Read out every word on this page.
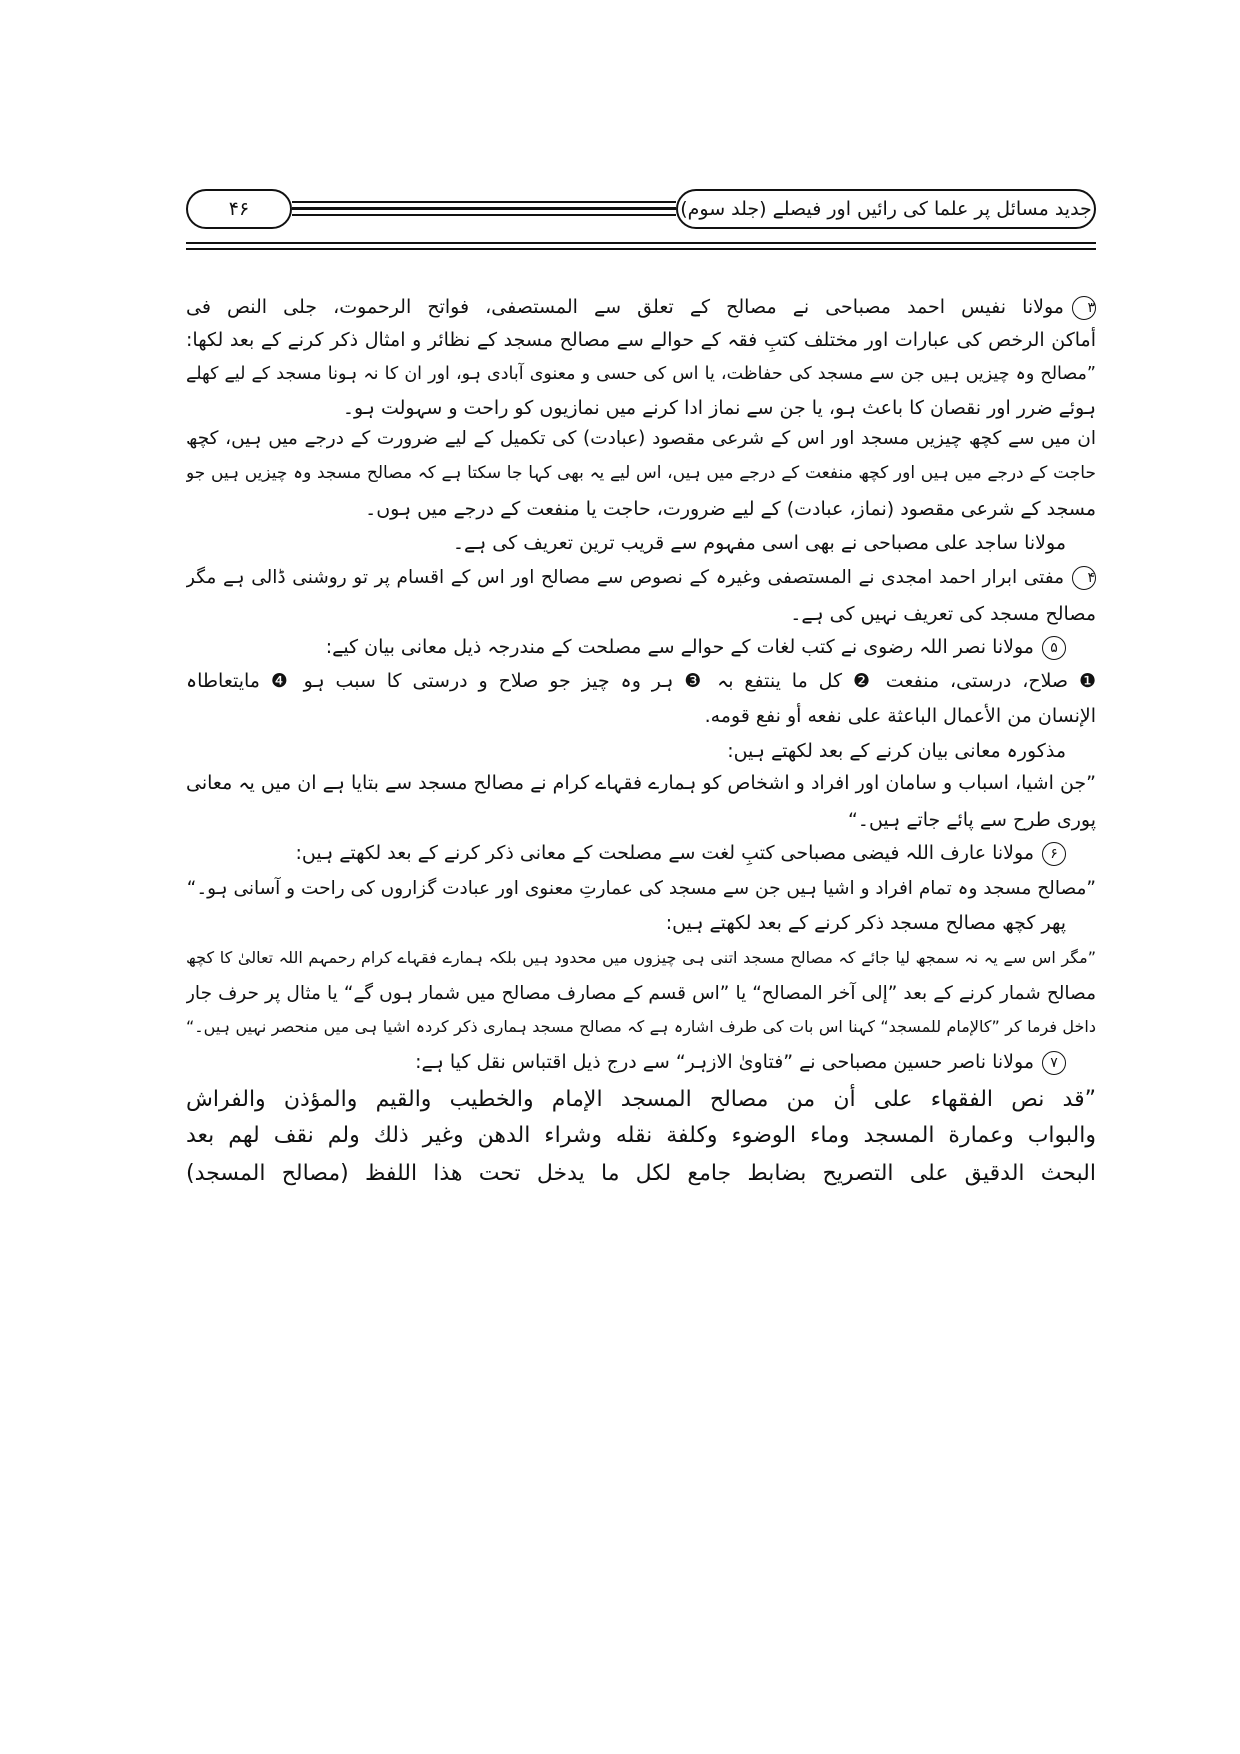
۴۶	جدید مسائل پر علما کی رائیں اور فیصلے (جلد سوم)
۳مولانا نفیس احمد مصباحی نے مصالح کے تعلق سے المستصفی، فواتح الرحموت، جلی النص فی
أماکن الرخص کی عبارات اور مختلف کتبِ فقہ کے حوالے سے مصالح مسجد کے نظائر و امثال ذکر کرنے کے بعد لکھا:
”مصالح وہ چیزیں ہیں جن سے مسجد کی حفاظت، یا اس کی حسی و معنوی آبادی ہو، اور ان کا نہ ہونا مسجد کے لیے کھلے
ہوئے ضرر اور نقصان کا باعث ہو، یا جن سے نماز ادا کرنے میں نمازیوں کو راحت و سہولت ہو۔
ان میں سے کچھ چیزیں مسجد اور اس کے شرعی مقصود (عبادت) کی تکمیل کے لیے ضرورت کے درجے میں ہیں، کچھ
حاجت کے درجے میں ہیں اور کچھ منفعت کے درجے میں ہیں، اس لیے یہ بھی کہا جا سکتا ہے کہ مصالح مسجد وہ چیزیں ہیں جو
مسجد کے شرعی مقصود (نماز، عبادت) کے لیے ضرورت، حاجت یا منفعت کے درجے میں ہوں۔
مولانا ساجد علی مصباحی نے بھی اسی مفہوم سے قریب ترین تعریف کی ہے۔
۴مفتی ابرار احمد امجدی نے المستصفی وغیرہ کے نصوص سے مصالح اور اس کے اقسام پر تو روشنی ڈالی ہے مگر
مصالح مسجد کی تعریف نہیں کی ہے۔
۵مولانا نصر اللہ رضوی نے کتب لغات کے حوالے سے مصلحت کے مندرجہ ذیل معانی بیان کیے:
❶ صلاح، درستی، منفعت ❷ کل ما ینتفع بہ ❸ ہر وہ چیز جو صلاح و درستی کا سبب ہو ❹ مایتعاطاہ
الإنسان من الأعمال الباعثة على نفعه أو نفع قومه.
مذکورہ معانی بیان کرنے کے بعد لکھتے ہیں:
”جن اشیا، اسباب و سامان اور افراد و اشخاص کو ہمارے فقہاے کرام نے مصالح مسجد سے بتایا ہے ان میں یہ معانی
پوری طرح سے پائے جاتے ہیں۔“
۶مولانا عارف اللہ فیضی مصباحی کتبِ لغت سے مصلحت کے معانی ذکر کرنے کے بعد لکھتے ہیں:
”مصالح مسجد وہ تمام افراد و اشیا ہیں جن سے مسجد کی عمارتِ معنوی اور عبادت گزاروں کی راحت و آسانی ہو۔“
پھر کچھ مصالح مسجد ذکر کرنے کے بعد لکھتے ہیں:
”مگر اس سے یہ نہ سمجھ لیا جائے کہ مصالح مسجد اتنی ہی چیزوں میں محدود ہیں بلکہ ہمارے فقہاے کرام رحمہم اللہ تعالیٰ کا کچھ
مصالح شمار کرنے کے بعد ”إلى آخر المصالح“ یا ”اس قسم کے مصارف مصالح میں شمار ہوں گے“ یا مثال پر حرف جار
داخل فرما کر ”کالإمام للمسجد“ کہنا اس بات کی طرف اشارہ ہے کہ مصالح مسجد ہماری ذکر کردہ اشیا ہی میں منحصر نہیں ہیں۔“
۷مولانا ناصر حسین مصباحی نے ”فتاویٰ الازہر“ سے درج ذیل اقتباس نقل کیا ہے:
”قد نص الفقهاء على أن من مصالح المسجد الإمام والخطيب والقيم والمؤذن والفراش
والبواب وعمارة المسجد وماء الوضوء وكلفة نقله وشراء الدهن وغير ذلك ولم نقف لهم بعد
البحث الدقيق على التصريح بضابط جامع لكل ما يدخل تحت هذا اللفظ (مصالح المسجد)
